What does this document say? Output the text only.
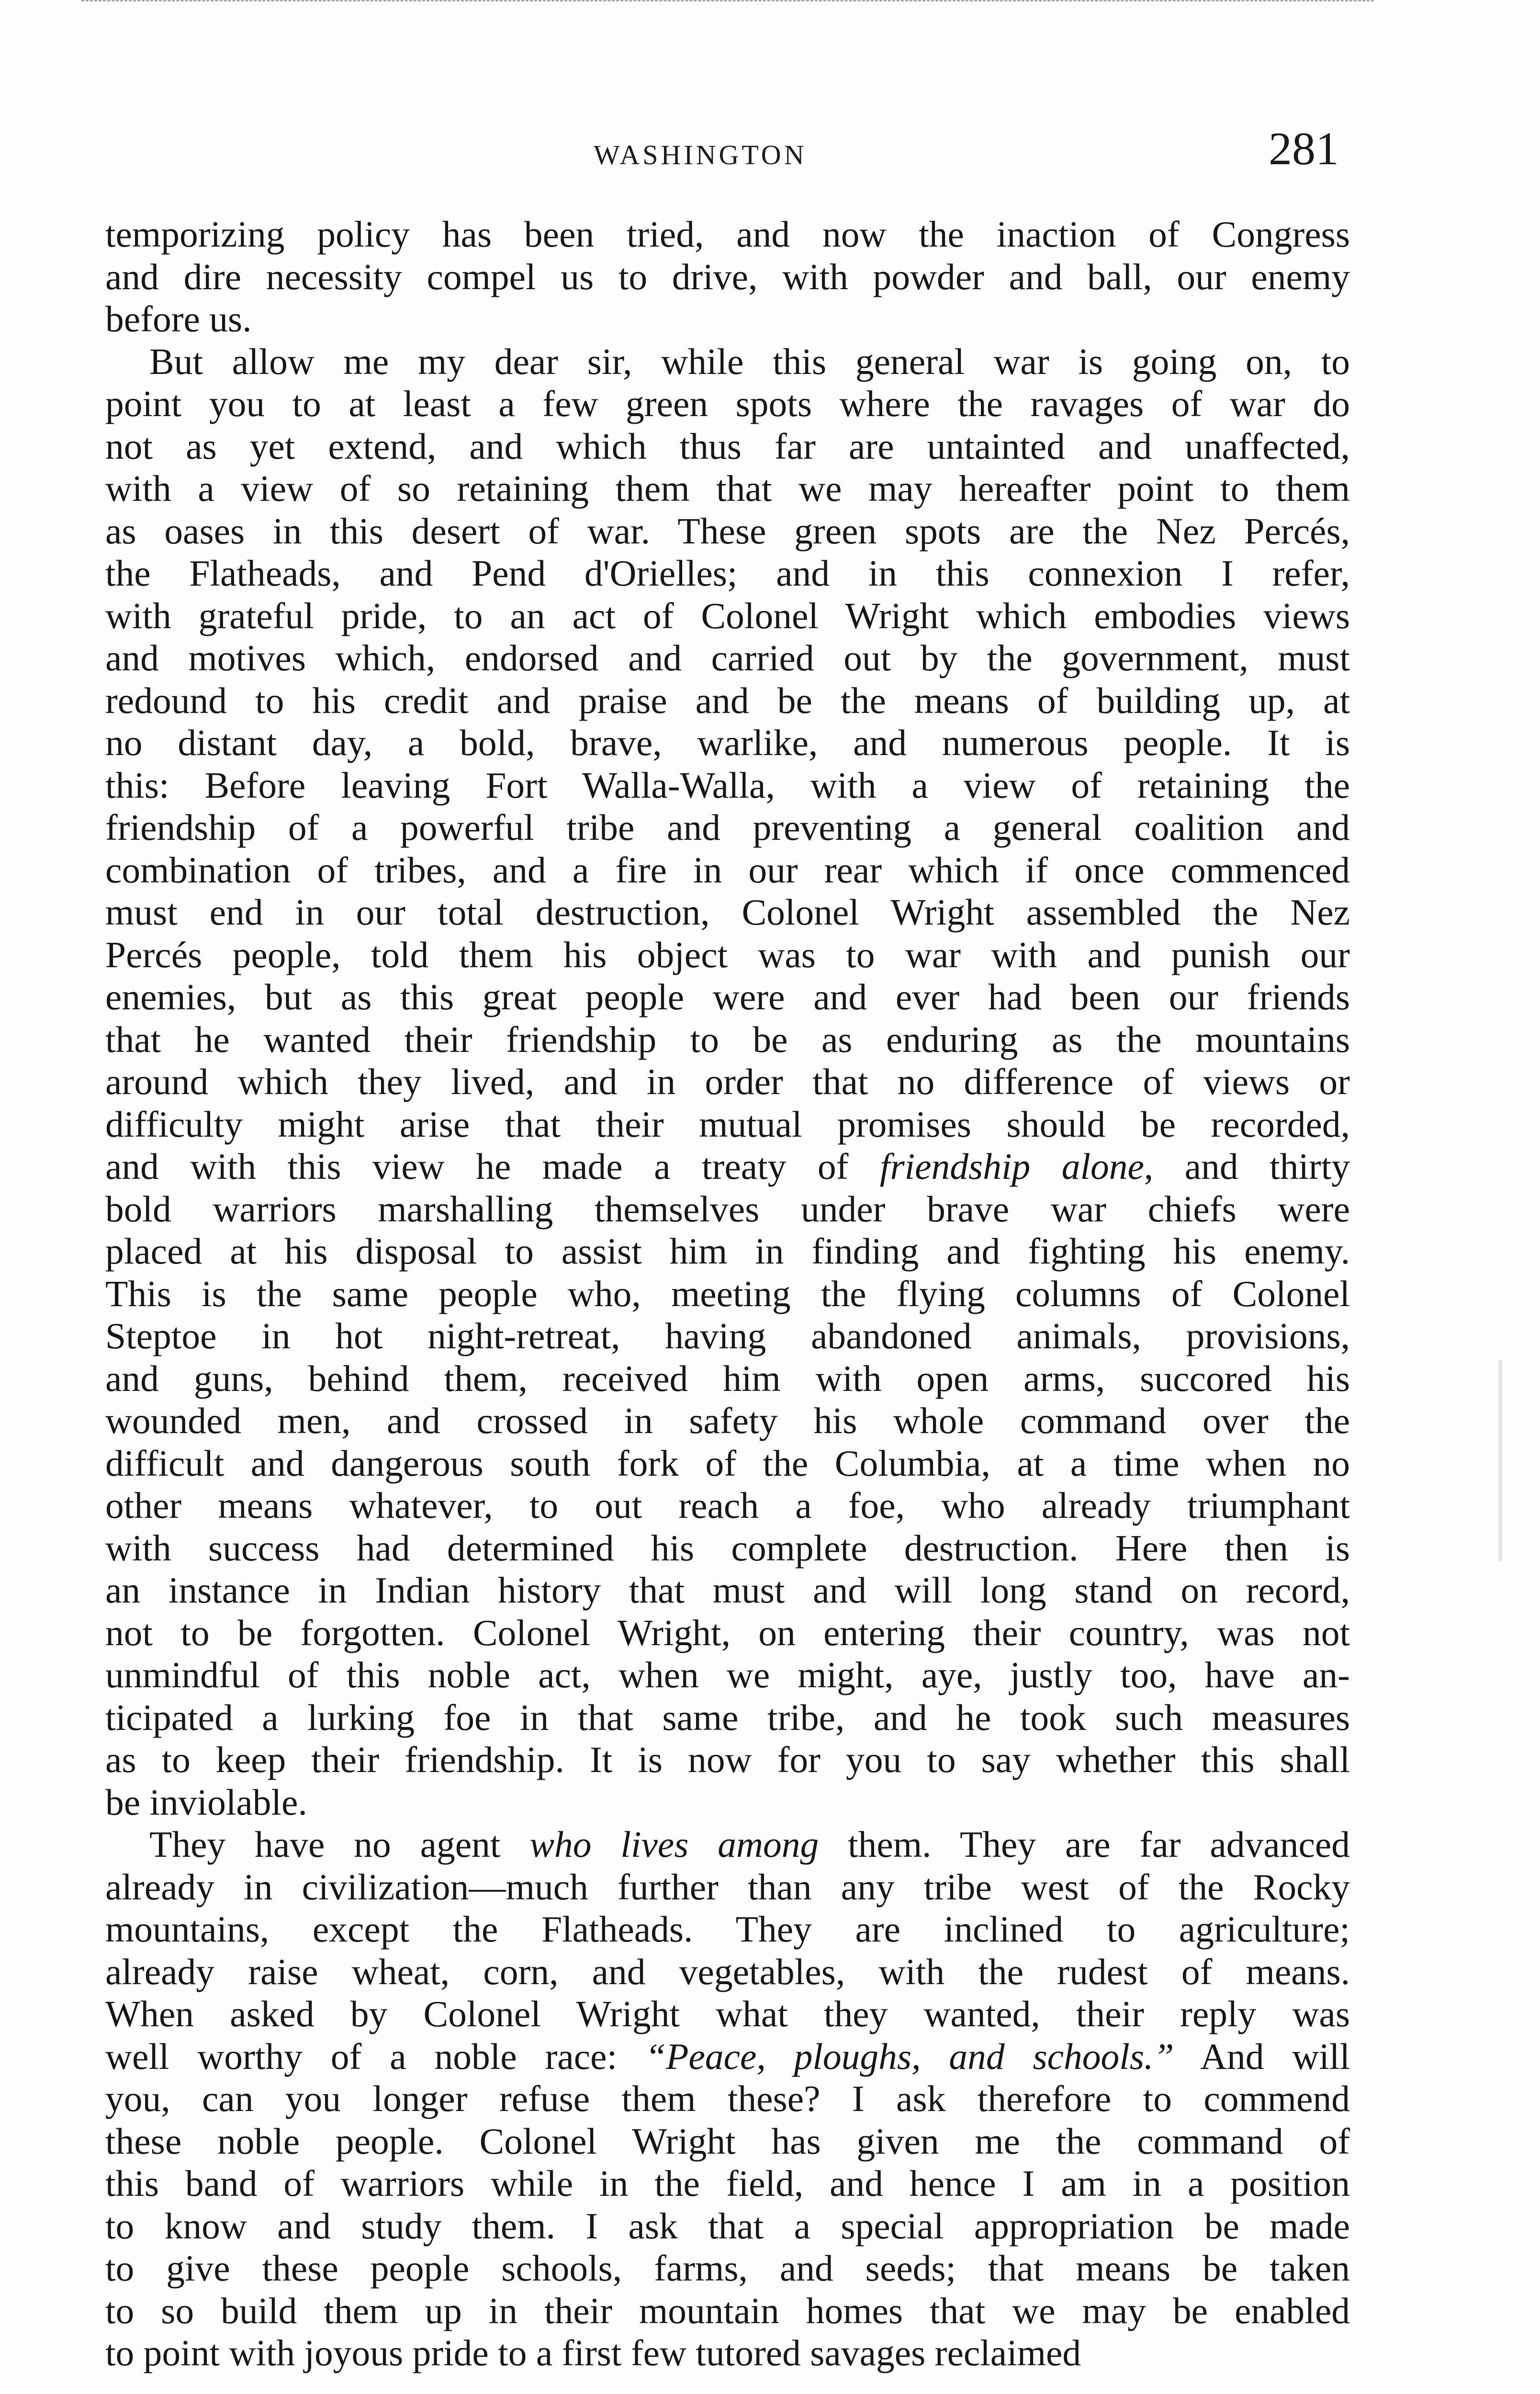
WASHINGTON	281
temporizing policy has been tried, and now the inaction of Congress
and dire necessity compel us to drive, with powder and ball, our enemy
before us.
But allow me my dear sir, while this general war is going on, to
point you to at least a few green spots where the ravages of war do
not as yet extend, and which thus far are untainted and unaffected,
with a view of so retaining them that we may hereafter point to them
as oases in this desert of war. These green spots are the Nez Percés,
the Flatheads, and Pend d'Orielles; and in this connexion I refer,
with grateful pride, to an act of Colonel Wright which embodies views
and motives which, endorsed and carried out by the government, must
redound to his credit and praise and be the means of building up, at
no distant day, a bold, brave, warlike, and numerous people. It is
this: Before leaving Fort Walla-Walla, with a view of retaining the
friendship of a powerful tribe and preventing a general coalition and
combination of tribes, and a fire in our rear which if once commenced
must end in our total destruction, Colonel Wright assembled the Nez
Percés people, told them his object was to war with and punish our
enemies, but as this great people were and ever had been our friends
that he wanted their friendship to be as enduring as the mountains
around which they lived, and in order that no difference of views or
difficulty might arise that their mutual promises should be recorded,
and with this view he made a treaty of friendship alone, and thirty
bold warriors marshalling themselves under brave war chiefs were
placed at his disposal to assist him in finding and fighting his enemy.
This is the same people who, meeting the flying columns of Colonel
Steptoe in hot night-retreat, having abandoned animals, provisions,
and guns, behind them, received him with open arms, succored his
wounded men, and crossed in safety his whole command over the
difficult and dangerous south fork of the Columbia, at a time when no
other means whatever, to out reach a foe, who already triumphant
with success had determined his complete destruction. Here then is
an instance in Indian history that must and will long stand on record,
not to be forgotten. Colonel Wright, on entering their country, was not
unmindful of this noble act, when we might, aye, justly too, have an-
ticipated a lurking foe in that same tribe, and he took such measures
as to keep their friendship. It is now for you to say whether this shall
be inviolable.
They have no agent who lives among them. They are far advanced
already in civilization—much further than any tribe west of the Rocky
mountains, except the Flatheads. They are inclined to agriculture;
already raise wheat, corn, and vegetables, with the rudest of means.
When asked by Colonel Wright what they wanted, their reply was
well worthy of a noble race: “Peace, ploughs, and schools.” And will
you, can you longer refuse them these? I ask therefore to commend
these noble people. Colonel Wright has given me the command of
this band of warriors while in the field, and hence I am in a position
to know and study them. I ask that a special appropriation be made
to give these people schools, farms, and seeds; that means be taken
to so build them up in their mountain homes that we may be enabled
to point with joyous pride to a first few tutored savages reclaimed
